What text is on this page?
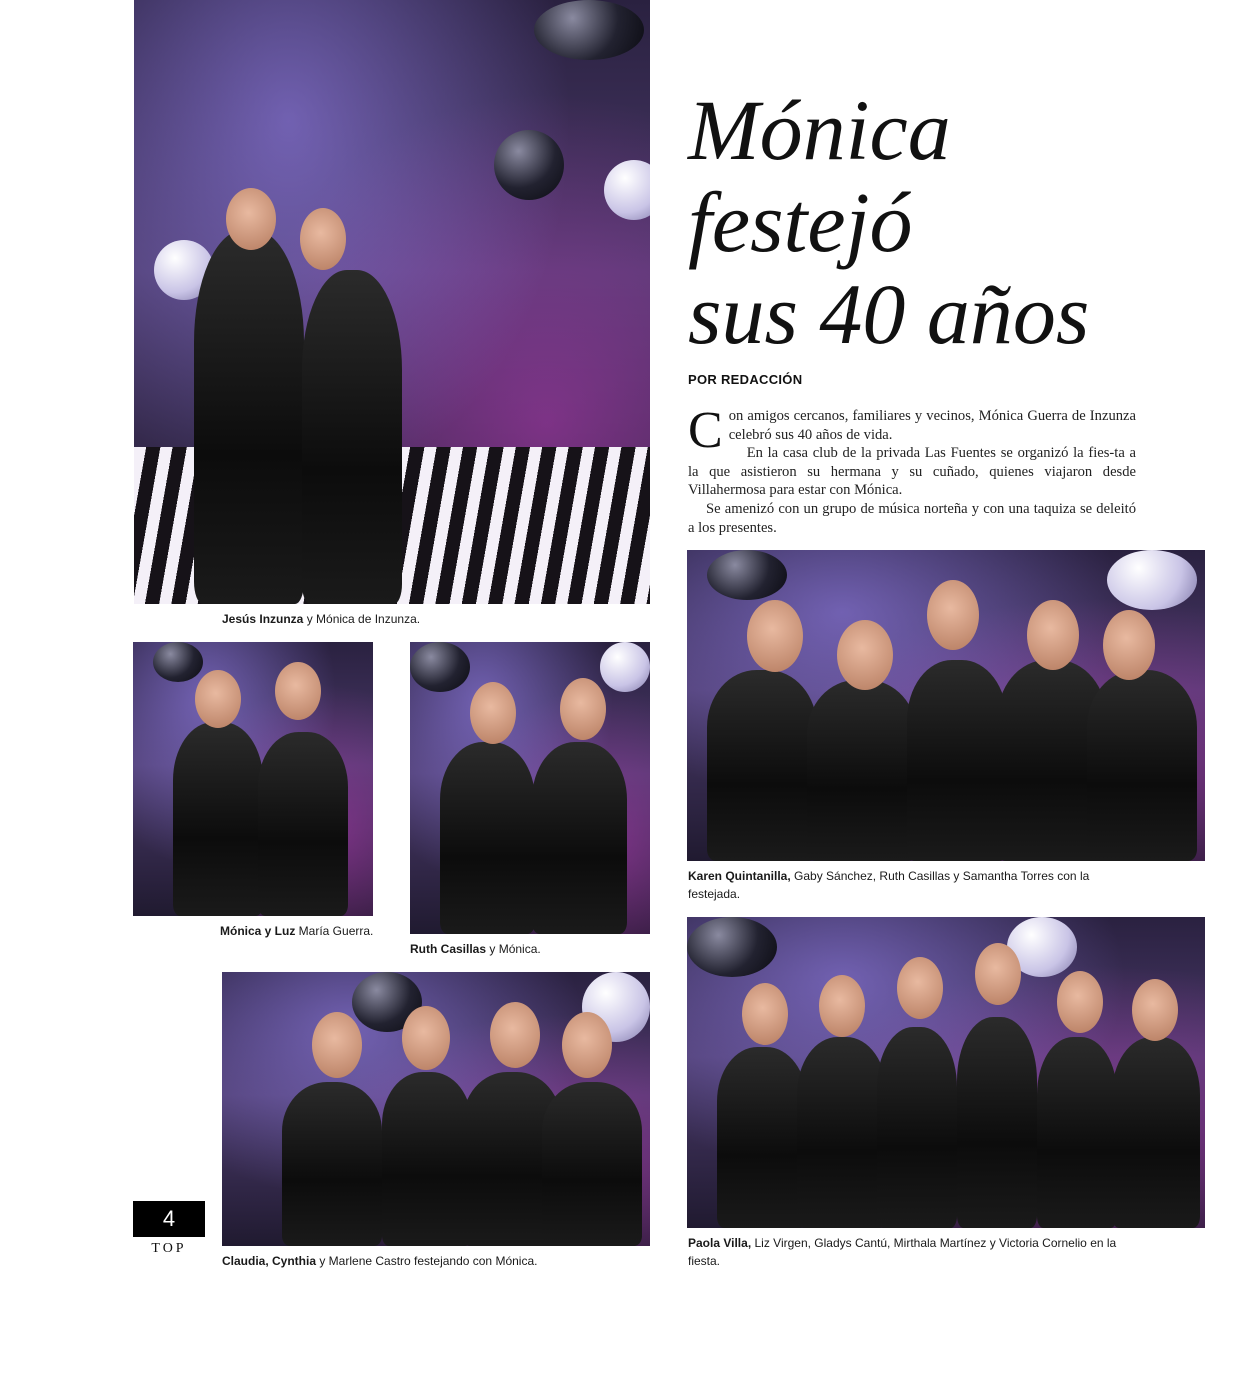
Jesús Inzunza y Mónica de Inzunza.
Mónica y Luz María Guerra.
Ruth Casillas y Mónica.
Claudia, Cynthia y Marlene Castro festejando con Mónica.
Mónica
festejó
sus 40 años
POR REDACCIÓN

Con amigos cercanos, familiares y vecinos, Mónica Guerra de Inzunza celebró sus 40 años de vida.

En la casa club de la privada Las Fuentes se organizó la fies-ta a la que asistieron su hermana y su cuñado, quienes viajaron desde Villahermosa para estar con Mónica.

Se amenizó con un grupo de música norteña y con una taquiza se deleitó a los presentes.

Karen Quintanilla, Gaby Sánchez, Ruth Casillas y Samantha Torres con la festejada.
Paola Villa, Liz Virgen, Gladys Cantú, Mirthala Martínez y Victoria Cornelio en la fiesta.
4
TOP
